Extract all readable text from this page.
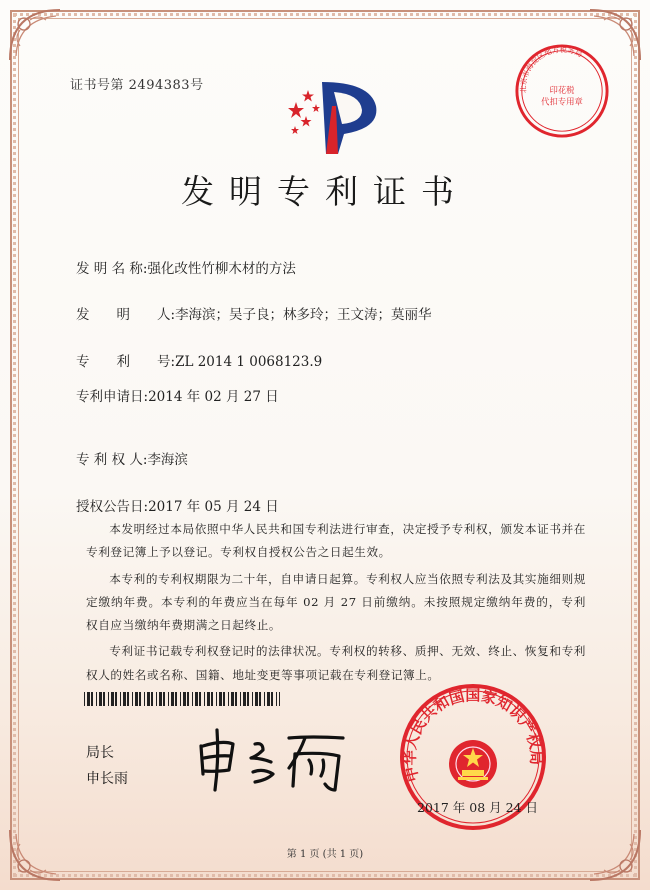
证书号第 2494383号
发明专利证书
北京市海淀区地方税务局
印花税
代扣专用章
发 明 名 称:强化改性竹柳木材的方法
发　　明　　人:李海滨；吴子良；林多玲；王文涛；莫丽华
专　　利　　号:ZL 2014 1 0068123.9
专利申请日:2014 年 02 月 27 日
专 利 权 人:李海滨
授权公告日:2017 年 05 月 24 日

本发明经过本局依照中华人民共和国专利法进行审查，决定授予专利权，颁发本证书并在专利登记簿上予以登记。专利权自授权公告之日起生效。

本专利的专利权期限为二十年，自申请日起算。专利权人应当依照专利法及其实施细则规定缴纳年费。本专利的年费应当在每年 02 月 27 日前缴纳。未按照规定缴纳年费的，专利权自应当缴纳年费期满之日起终止。

专利证书记载专利权登记时的法律状况。专利权的转移、质押、无效、终止、恢复和专利权人的姓名或名称、国籍、地址变更等事项记载在专利登记簿上。

局长
申长雨	中华人民共和国国家知识产权局
2017 年 08 月 24 日
第 1 页 (共 1 页)
